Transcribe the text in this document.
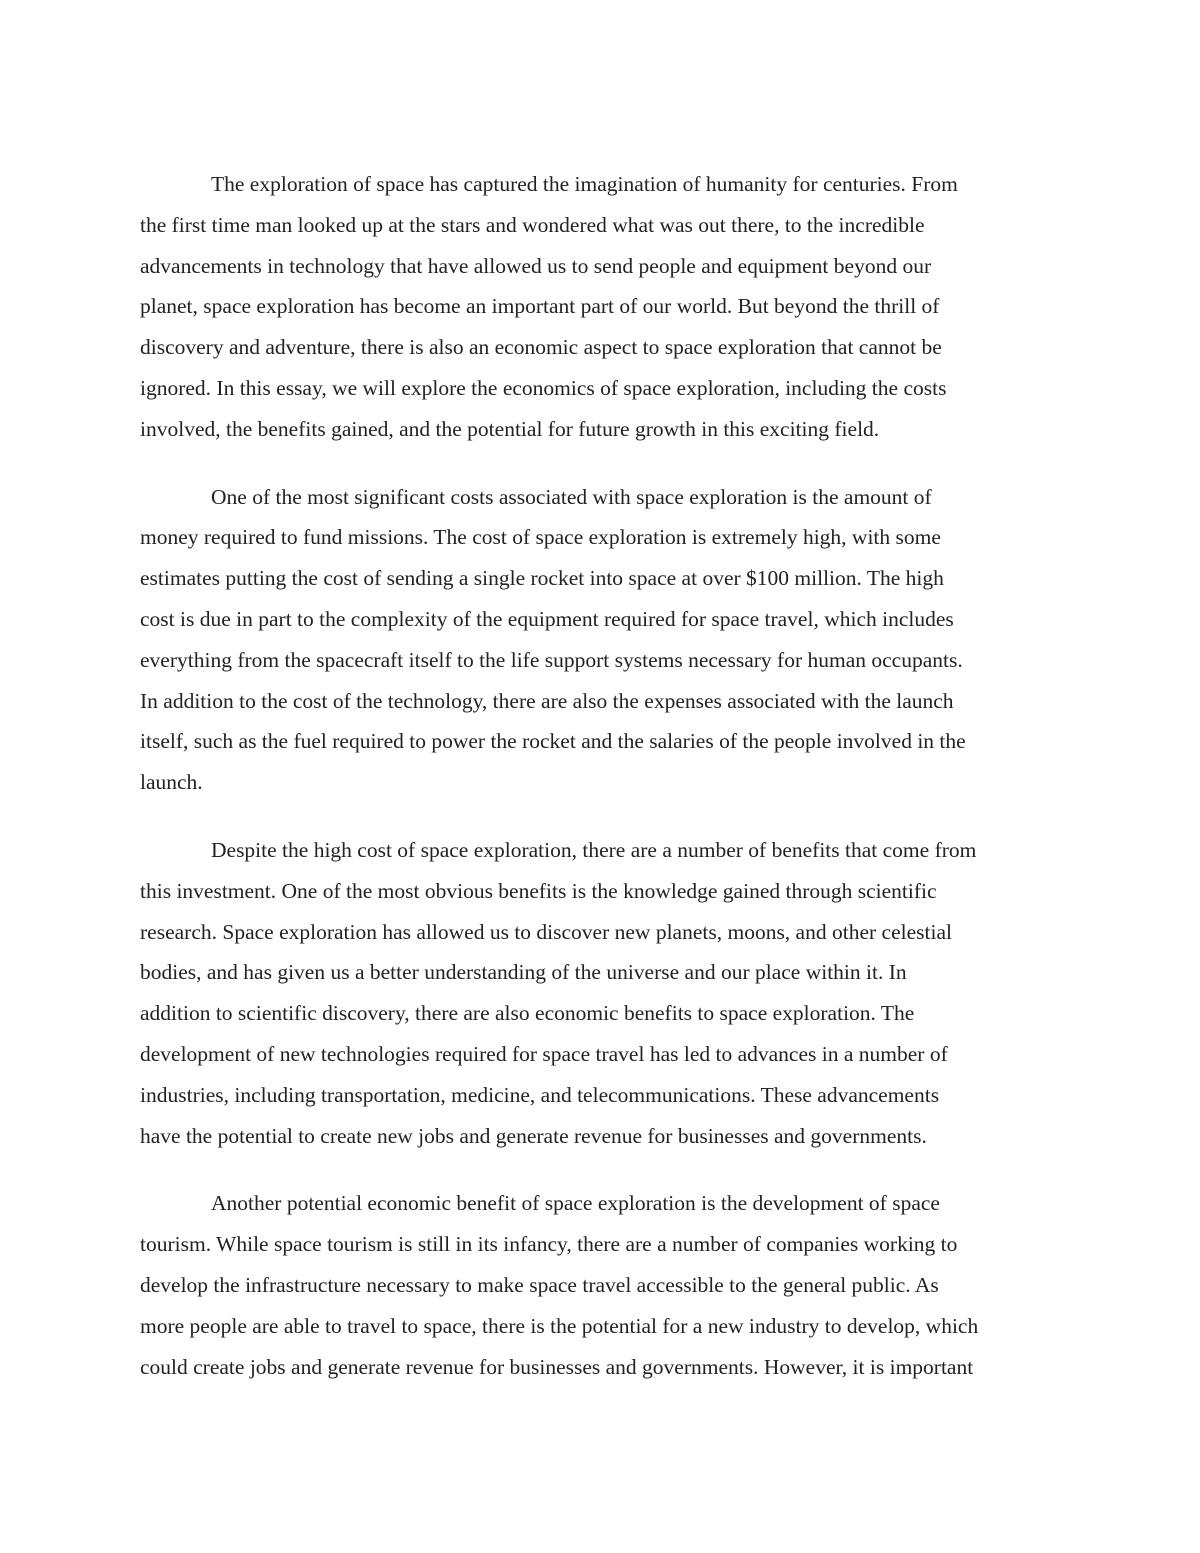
The exploration of space has captured the imagination of humanity for centuries. From
the first time man looked up at the stars and wondered what was out there, to the incredible
advancements in technology that have allowed us to send people and equipment beyond our
planet, space exploration has become an important part of our world. But beyond the thrill of
discovery and adventure, there is also an economic aspect to space exploration that cannot be
ignored. In this essay, we will explore the economics of space exploration, including the costs
involved, the benefits gained, and the potential for future growth in this exciting field.
One of the most significant costs associated with space exploration is the amount of
money required to fund missions. The cost of space exploration is extremely high, with some
estimates putting the cost of sending a single rocket into space at over $100 million. The high
cost is due in part to the complexity of the equipment required for space travel, which includes
everything from the spacecraft itself to the life support systems necessary for human occupants.
In addition to the cost of the technology, there are also the expenses associated with the launch
itself, such as the fuel required to power the rocket and the salaries of the people involved in the
launch.
Despite the high cost of space exploration, there are a number of benefits that come from
this investment. One of the most obvious benefits is the knowledge gained through scientific
research. Space exploration has allowed us to discover new planets, moons, and other celestial
bodies, and has given us a better understanding of the universe and our place within it. In
addition to scientific discovery, there are also economic benefits to space exploration. The
development of new technologies required for space travel has led to advances in a number of
industries, including transportation, medicine, and telecommunications. These advancements
have the potential to create new jobs and generate revenue for businesses and governments.
Another potential economic benefit of space exploration is the development of space
tourism. While space tourism is still in its infancy, there are a number of companies working to
develop the infrastructure necessary to make space travel accessible to the general public. As
more people are able to travel to space, there is the potential for a new industry to develop, which
could create jobs and generate revenue for businesses and governments. However, it is important
